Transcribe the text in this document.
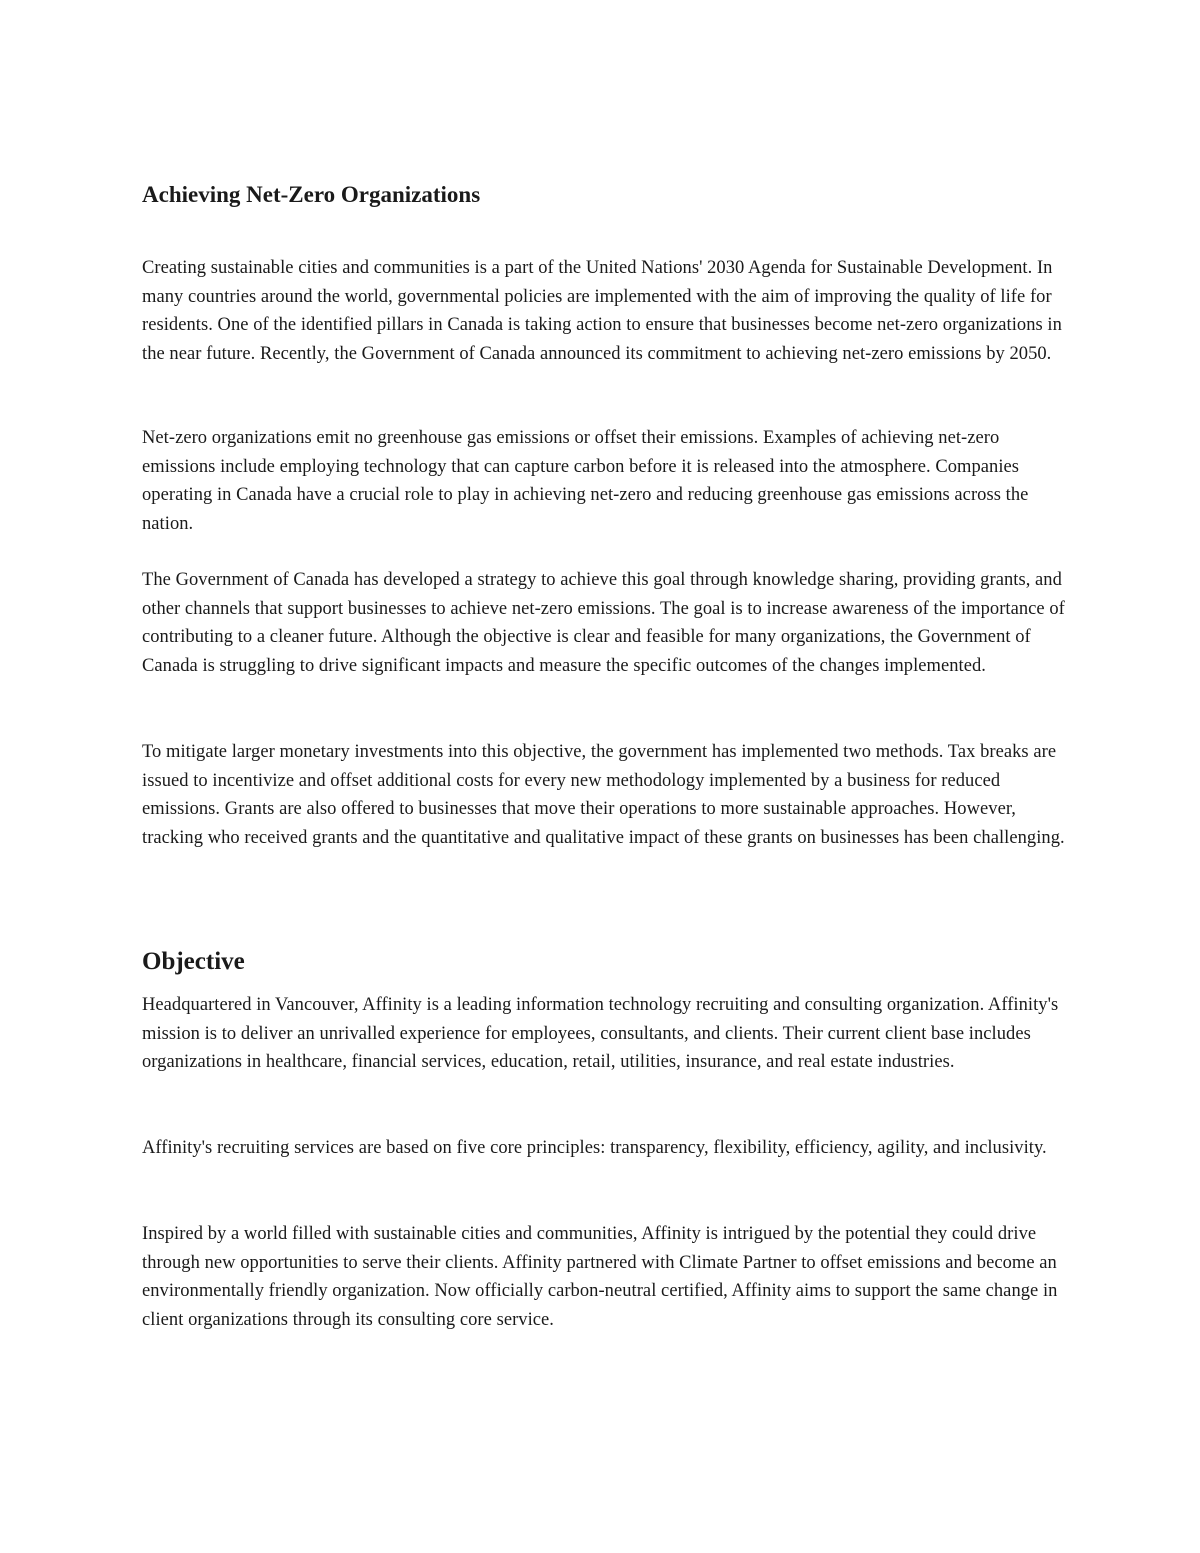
Achieving Net-Zero Organizations

Creating sustainable cities and communities is a part of the United Nations' 2030 Agenda for Sustainable Development. In many countries around the world, governmental policies are implemented with the aim of improving the quality of life for residents. One of the identified pillars in Canada is taking action to ensure that businesses become net-zero organizations in the near future. Recently, the Government of Canada announced its commitment to achieving net-zero emissions by 2050.

Net-zero organizations emit no greenhouse gas emissions or offset their emissions. Examples of achieving net-zero emissions include employing technology that can capture carbon before it is released into the atmosphere. Companies operating in Canada have a crucial role to play in achieving net-zero and reducing greenhouse gas emissions across the nation.

The Government of Canada has developed a strategy to achieve this goal through knowledge sharing, providing grants, and other channels that support businesses to achieve net-zero emissions. The goal is to increase awareness of the importance of contributing to a cleaner future. Although the objective is clear and feasible for many organizations, the Government of Canada is struggling to drive significant impacts and measure the specific outcomes of the changes implemented.

To mitigate larger monetary investments into this objective, the government has implemented two methods. Tax breaks are issued to incentivize and offset additional costs for every new methodology implemented by a business for reduced emissions. Grants are also offered to businesses that move their operations to more sustainable approaches. However, tracking who received grants and the quantitative and qualitative impact of these grants on businesses has been challenging.

Objective

Headquartered in Vancouver, Affinity is a leading information technology recruiting and consulting organization. Affinity's mission is to deliver an unrivalled experience for employees, consultants, and clients. Their current client base includes organizations in healthcare, financial services, education, retail, utilities, insurance, and real estate industries.

Affinity's recruiting services are based on five core principles: transparency, flexibility, efficiency, agility, and inclusivity.

Inspired by a world filled with sustainable cities and communities, Affinity is intrigued by the potential they could drive through new opportunities to serve their clients. Affinity partnered with Climate Partner to offset emissions and become an environmentally friendly organization. Now officially carbon-neutral certified, Affinity aims to support the same change in client organizations through its consulting core service.
